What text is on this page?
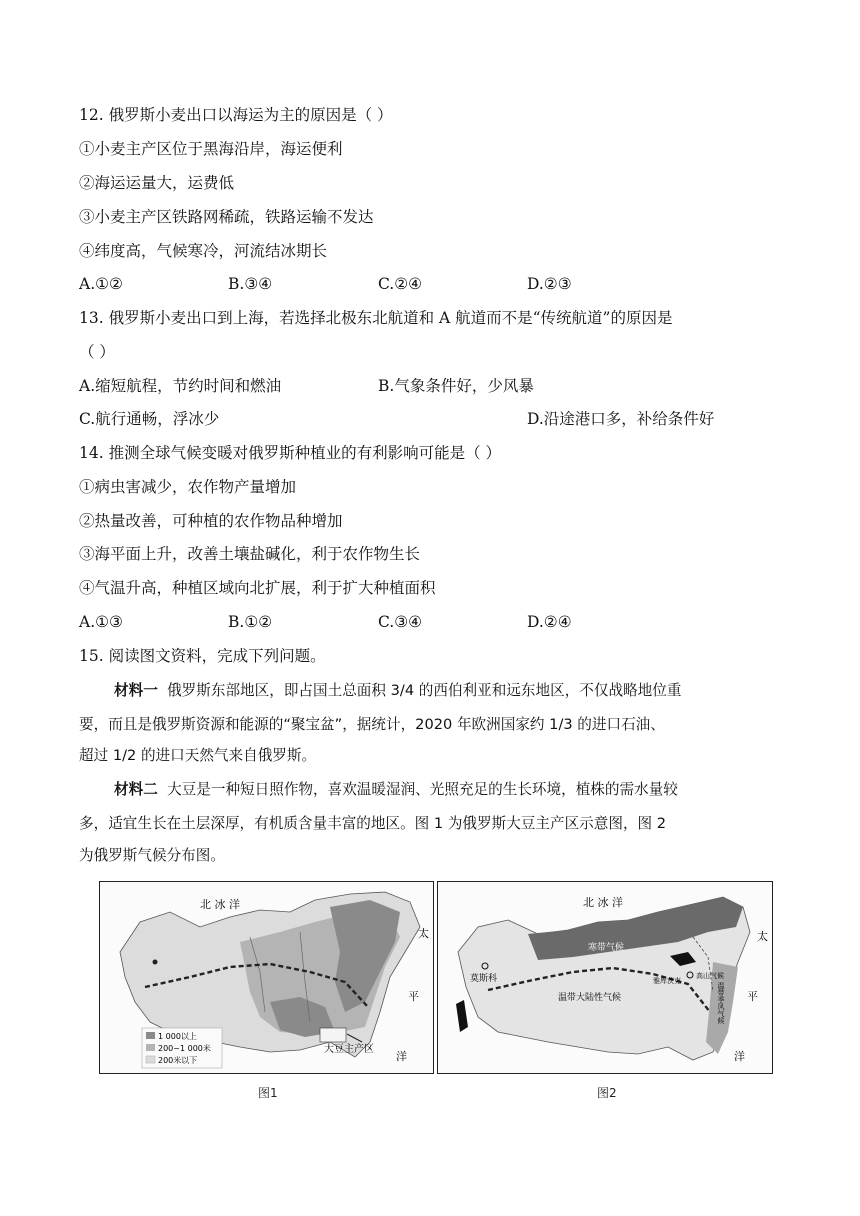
12. 俄罗斯小麦出口以海运为主的原因是（ ）
①小麦主产区位于黑海沿岸，海运便利
②海运运量大，运费低
③小麦主产区铁路网稀疏，铁路运输不发达
④纬度高，气候寒冷，河流结冰期长
A.①②	B.③④	C.②④	D.②③
13. 俄罗斯小麦出口到上海，若选择北极东北航道和 A 航道而不是“传统航道”的原因是
（ ）
A.缩短航程，节约时间和燃油	B.气象条件好，少风暴
C.航行通畅，浮冰少	D.沿途港口多，补给条件好
14. 推测全球气候变暖对俄罗斯种植业的有利影响可能是（ ）
①病虫害减少，农作物产量增加
②热量改善，可种植的农作物品种增加
③海平面上升，改善土壤盐碱化，利于农作物生长
④气温升高，种植区域向北扩展，利于扩大种植面积
A.①③	B.①②	C.③④	D.②④
15. 阅读图文资料，完成下列问题。
材料一 俄罗斯东部地区，即占国土总面积 3/4 的西伯利亚和远东地区，不仅战略地位重
要，而且是俄罗斯资源和能源的“聚宝盆”，据统计，2020 年欧洲国家约 1/3 的进口石油、
超过 1/2 的进口天然气来自俄罗斯。
材料二 大豆是一种短日照作物，喜欢温暖湿润、光照充足的生长环境，植株的需水量较
多，适宜生长在土层深厚，有机质含量丰富的地区。图 1 为俄罗斯大豆主产区示意图，图 2
为俄罗斯气候分布图。
1 000以上
200~1 000米
200米以下
北 冰 洋
太
平
洋
大豆主产区
北 冰 洋
太
平
洋
莫斯科	雅库茨克
寒带气候
温带大陆性气候	温带季风气候
高山气候
图1	图2
